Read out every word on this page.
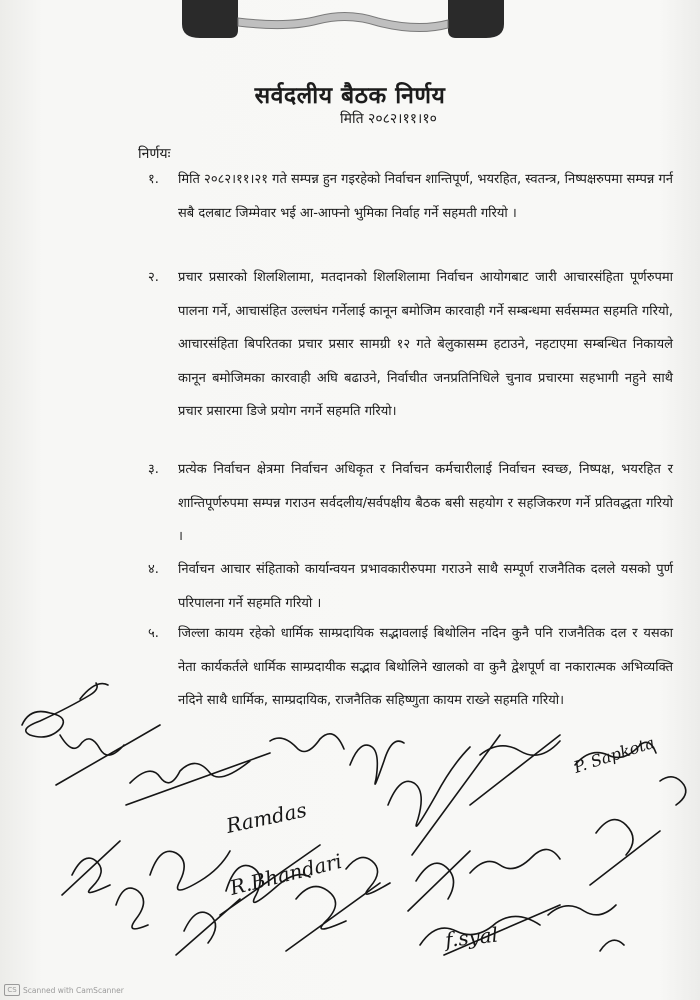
सर्वदलीय बैठक निर्णय
मिति २०८२।११।१०
निर्णयः
१.	मिति २०८२।११।२१ गते सम्पन्न हुन गइरहेको निर्वाचन शान्तिपूर्ण, भयरहित, स्वतन्त्र, निष्पक्षरुपमा सम्पन्न गर्न सबै दलबाट जिम्मेवार भई आ-आफ्नो भुमिका निर्वाह गर्ने सहमती गरियो ।
२.	प्रचार प्रसारको शिलशिलामा, मतदानको शिलशिलामा निर्वाचन आयोगबाट जारी आचारसंहिता पूर्णरुपमा पालना गर्ने, आचासंहित उल्लघंन गर्नेलाई कानून बमोजिम कारवाही गर्ने सम्बन्धमा सर्वसम्मत सहमति गरियो, आचारसंहिता बिपरितका प्रचार प्रसार सामग्री १२ गते बेलुकासम्म हटाउने, नहटाएमा सम्बन्धित निकायले कानून बमोजिमका कारवाही अघि बढाउने, निर्वाचीत जनप्रतिनिधिले चुनाव प्रचारमा सहभागी नहुने साथै प्रचार प्रसारमा डिजे प्रयोग नगर्ने सहमति गरियो।
३.	प्रत्येक निर्वाचन क्षेत्रमा निर्वाचन अधिकृत र निर्वाचन कर्मचारीलाई निर्वाचन स्वच्छ, निष्पक्ष, भयरहित र शान्तिपूर्णरुपमा सम्पन्न गराउन सर्वदलीय/सर्वपक्षीय बैठक बसी सहयोग र सहजिकरण गर्ने प्रतिवद्धता गरियो ।
४.	निर्वाचन आचार संहिताको कार्यान्वयन प्रभावकारीरुपमा गराउने साथै सम्पूर्ण राजनैतिक दलले यसको पुर्ण परिपालना गर्ने सहमति गरियो ।
५.	जिल्ला कायम रहेको धार्मिक साम्प्रदायिक सद्भावलाई बिथोलिन नदिन कुनै पनि राजनैतिक दल र यसका नेता कार्यकर्तले धार्मिक साम्प्रदायीक सद्भाव बिथोलिने खालको वा कुनै द्वेशपूर्ण वा नकारात्मक अभिव्यक्ति नदिने साथै धार्मिक, साम्प्रदायिक, राजनैतिक सहिष्णुता कायम राख्ने सहमति गरियो।
Ramdas
R.Bhandari
f.syal
P. Sapkota
CS Scanned with CamScanner
